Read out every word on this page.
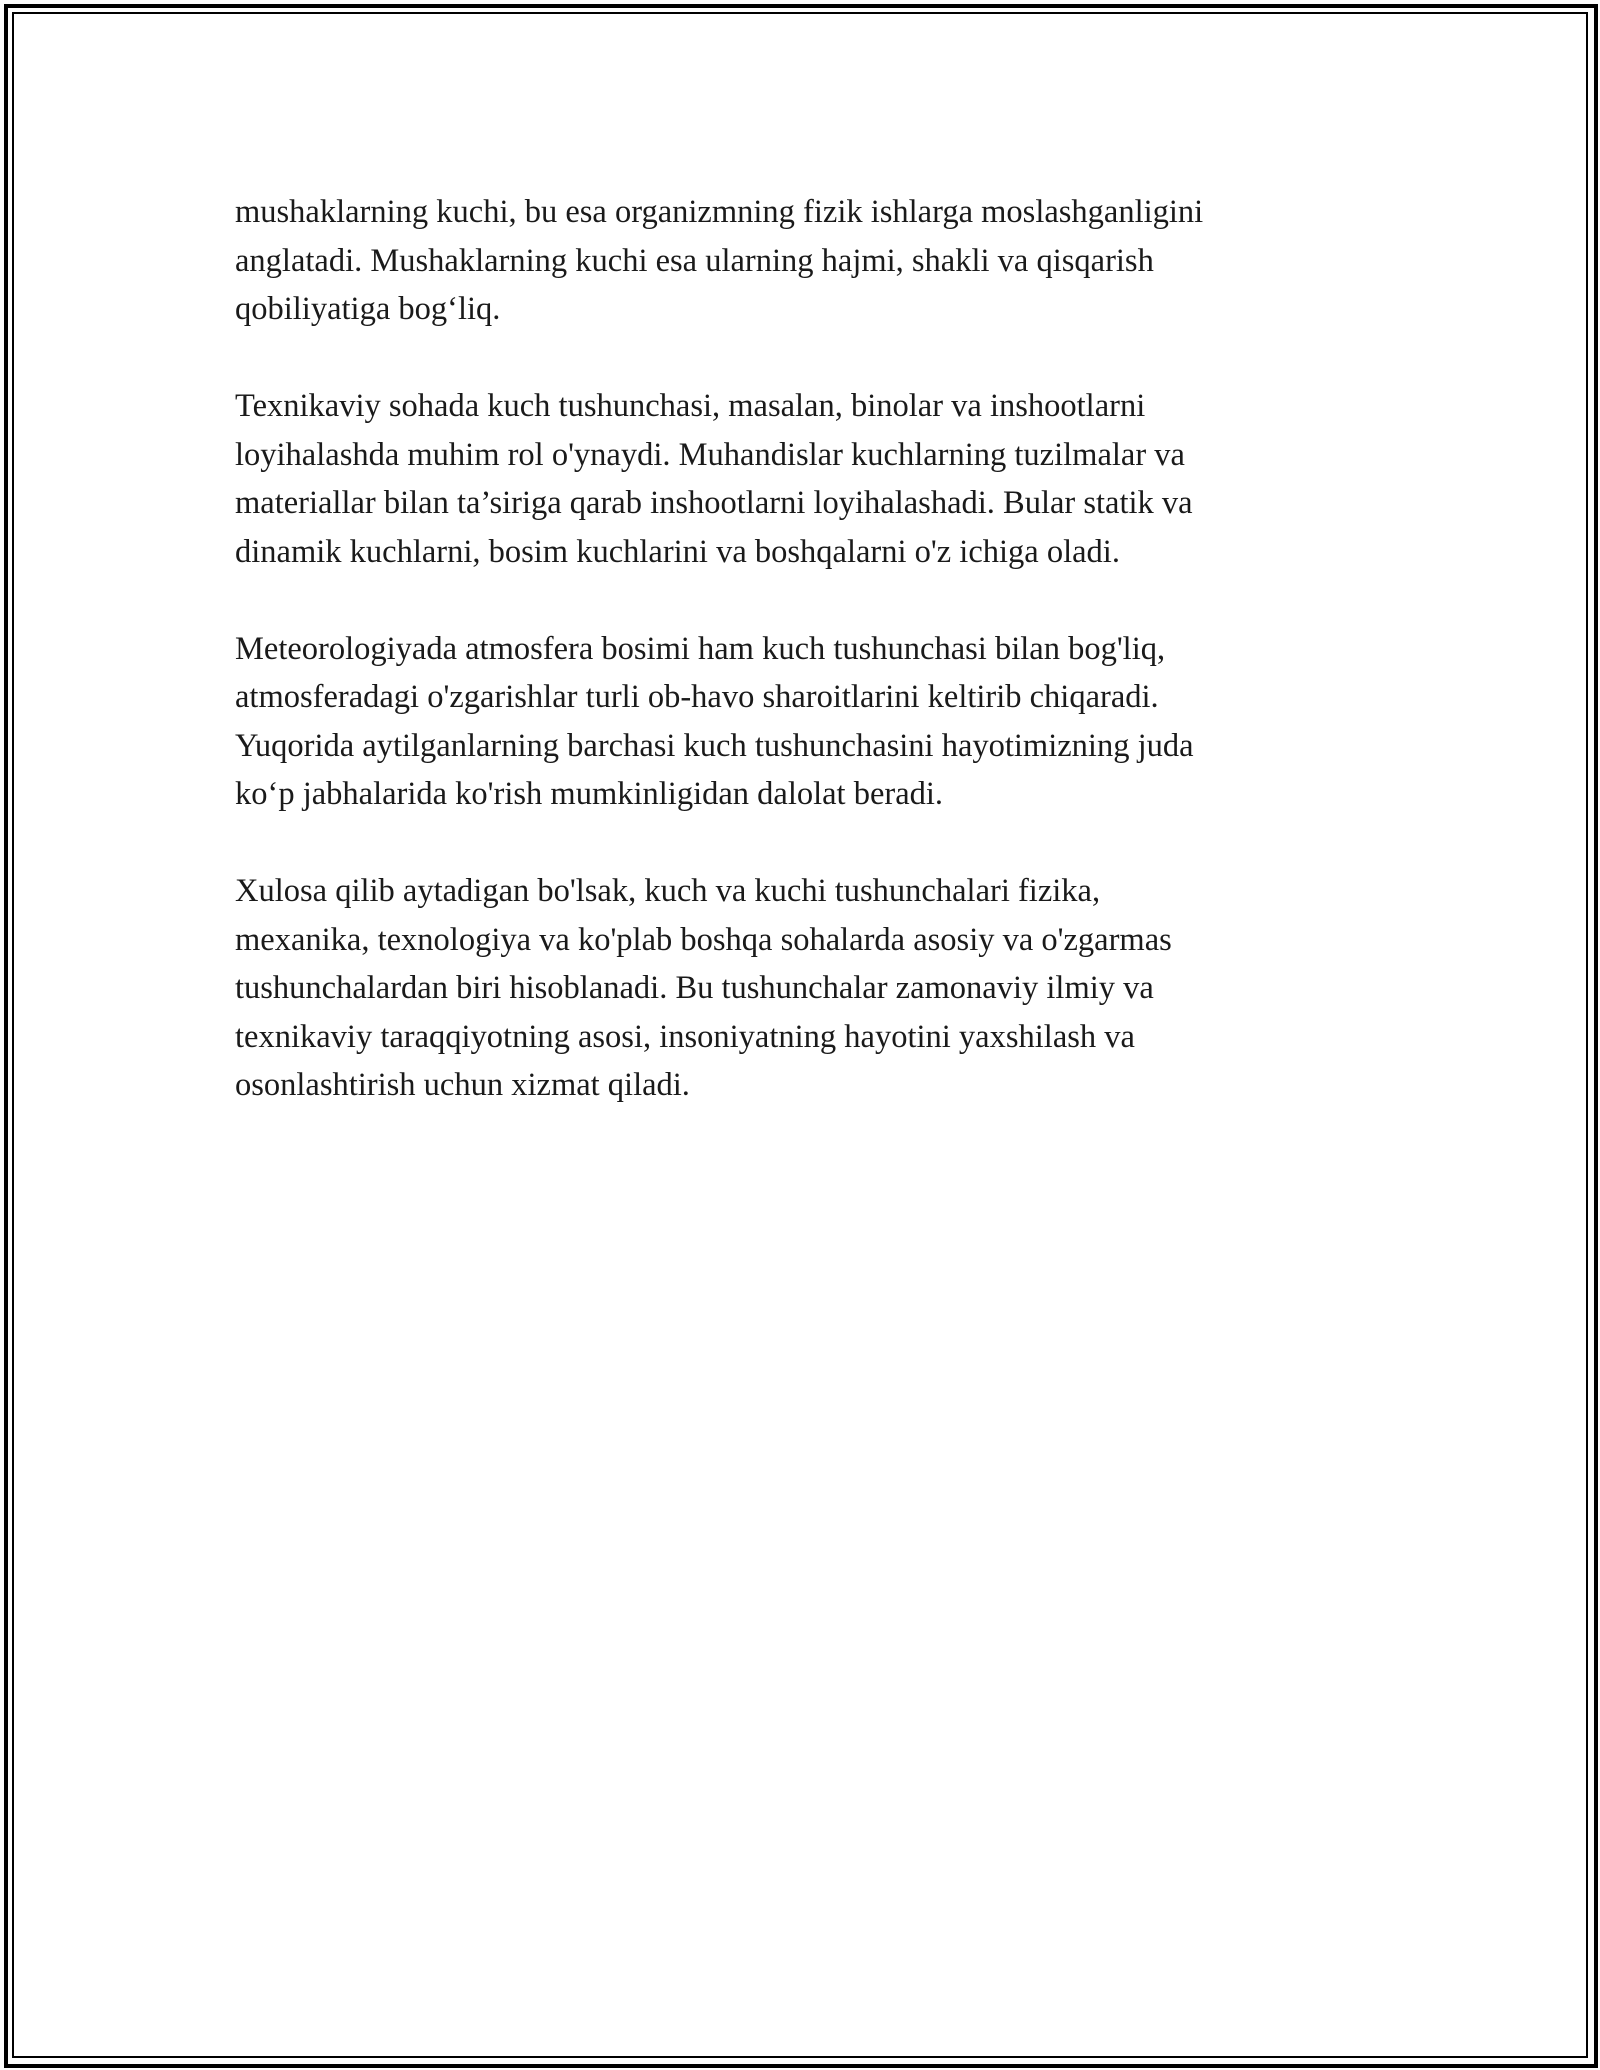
mushaklarning kuchi, bu esa organizmning fizik ishlarga moslashganligini
anglatadi. Mushaklarning kuchi esa ularning hajmi, shakli va qisqarish
qobiliyatiga bog‘liq.

Texnikaviy sohada kuch tushunchasi, masalan, binolar va inshootlarni
loyihalashda muhim rol o'ynaydi. Muhandislar kuchlarning tuzilmalar va
materiallar bilan ta’siriga qarab inshootlarni loyihalashadi. Bular statik va
dinamik kuchlarni, bosim kuchlarini va boshqalarni o'z ichiga oladi.

Meteorologiyada atmosfera bosimi ham kuch tushunchasi bilan bog'liq,
atmosferadagi o'zgarishlar turli ob-havo sharoitlarini keltirib chiqaradi.
Yuqorida aytilganlarning barchasi kuch tushunchasini hayotimizning juda
ko‘p jabhalarida ko'rish mumkinligidan dalolat beradi.

Xulosa qilib aytadigan bo'lsak, kuch va kuchi tushunchalari fizika,
mexanika, texnologiya va ko'plab boshqa sohalarda asosiy va o'zgarmas
tushunchalardan biri hisoblanadi. Bu tushunchalar zamonaviy ilmiy va
texnikaviy taraqqiyotning asosi, insoniyatning hayotini yaxshilash va
osonlashtirish uchun xizmat qiladi.
